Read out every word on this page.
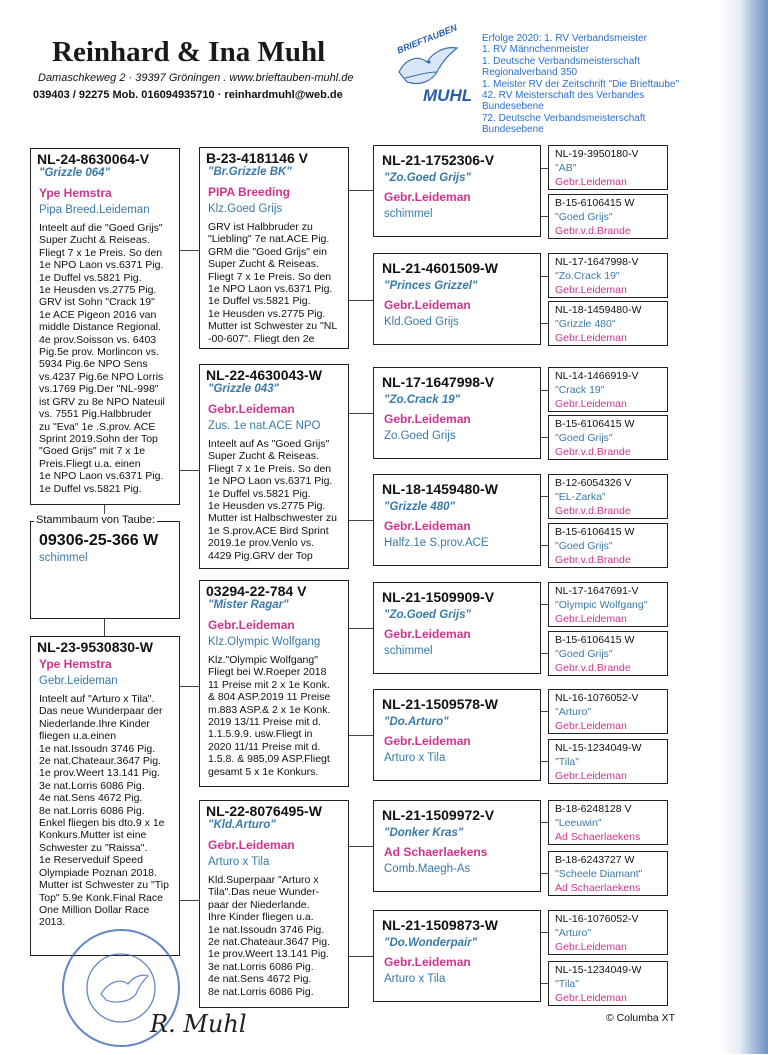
Reinhard & Ina Muhl
Damaschkeweg 2 · 39397 Gröningen . www.brieftauben-muhl.de
039403 / 92275 Mob. 016094935710 · reinhardmuhl@web.de
BRIEFTAUBEN
MUHL
Erfolge 2020: 1. RV Verbandsmeister
1. RV Männchenmeister
1. Deutsche Verbandsmeisterschaft
Regionalverband 350
1. Meister RV der Zeitschrift "Die Brieftaube"
42. RV Meisterschaft des Verbandes
Bundesebene
72. Deutsche Verbandsmeisterschaft
Bundesebene
NL-24-8630064-V
"Grizzle 064"
Ype Hemstra
Pipa Breed.Leideman
Inteelt auf die "Goed Grijs"
Super Zucht & Reiseas.
Fliegt 7 x 1e Preis. So den
1e NPO Laon vs.6371 Pig.
1e Duffel vs.5821 Pig.
1e Heusden vs.2775 Pig.
GRV ist Sohn "Crack 19"
1e ACE Pigeon 2016 van
middle Distance Regional.
4e prov.Soisson vs. 6403
Pig.5e prov. Morlincon vs.
5934 Pig.6e NPO Sens
vs.4237 Pig.6e NPO Lorris
vs.1769 Pig.Der "NL-998"
ist GRV zu 8e NPO Nateuil
vs. 7551 Pig.Halbbruder
zu "Eva" 1e .S.prov. ACE
Sprint 2019.Sohn der Top
"Goed Grijs" mit 7 x 1e
Preis.Fliegt u.a. einen
1e NPO Laon vs.6371 Pig.
1e Duffel vs.5821 Pig.
09306-25-366 W
schimmel
Stammbaum von Taube:
NL-23-9530830-W
Ype Hemstra
Gebr.Leideman
Inteelt auf "Arturo x Tila".
Das neue Wunderpaar der
Niederlande.Ihre Kinder
fliegen u.a.einen
1e nat.Issoudn 3746 Pig.
2e nat.Chateaur.3647 Pig.
1e prov.Weert 13.141 Pig.
3e nat.Lorris 6086 Pig.
4e nat.Sens 4672 Pig.
8e nat.Lorris 6086 Pig.
Enkel fliegen bis dto.9 x 1e
Konkurs.Mutter ist eine
Schwester zu "Raissa".
1e Reserveduif Speed
Olympiade Poznan 2018.
Mutter ist Schwester zu "Tip
Top" 5.9e Konk.Final Race
One Million Dollar Race
2013.
B-23-4181146 V
"Br.Grizzle BK"
PIPA Breeding
Klz.Goed Grijs
GRV ist Halbbruder zu
"Liebling" 7e nat.ACE Pig.
GRM die "Goed Grijs" ein
Super Zucht & Reiseas.
Fliegt 7 x 1e Preis. So den
1e NPO Laon vs.6371 Pig.
1e Duffel vs.5821 Pig.
1e Heusden vs.2775 Pig.
Mutter ist Schwester zu "NL
-00-607". Fliegt den 2e
NL-22-4630043-W
"Grizzle 043"
Gebr.Leideman
Zus. 1e nat.ACE NPO
Inteelt auf As "Goed Grijs"
Super Zucht & Reiseas.
Fliegt 7 x 1e Preis. So den
1e NPO Laon vs.6371 Pig.
1e Duffel vs.5821 Pig.
1e Heusden vs.2775 Pig.
Mutter ist Halbschwester zu
1e S.prov.ACE Bird Sprint
2019.1e prov.Venlo vs.
4429 Pig.GRV der Top
03294-22-784 V
"Mister Ragar"
Gebr.Leideman
Klz.Olympic Wolfgang
Klz."Olympic Wolfgang"
Fliegt bei W.Roeper 2018
11 Preise mit 2 x 1e Konk.
& 804 ASP.2019 11 Preise
m.883 ASP.& 2 x 1e Konk.
2019 13/11 Preise mit d.
1.1.5.9.9. usw.Fliegt in
2020 11/11 Preise mit d.
1.5.8. & 985,09 ASP.Fliegt
gesamt 5 x 1e Konkurs.
NL-22-8076495-W
"Kld.Arturo"
Gebr.Leideman
Arturo x Tila
Kld.Superpaar "Arturo x
Tila".Das neue Wunder-
paar der Niederlande.
Ihre Kinder fliegen u.a.
1e nat.Issoudn 3746 Pig.
2e nat.Chateaur.3647 Pig.
1e prov.Weert 13.141 Pig.
3e nat.Lorris 6086 Pig.
4e nat.Sens 4672 Pig.
8e nat.Lorris 6086 Pig.
NL-21-1752306-V
"Zo.Goed Grijs"
Gebr.Leideman
schimmel
NL-21-4601509-W
"Princes Grizzel"
Gebr.Leideman
Kld.Goed Grijs
NL-17-1647998-V
"Zo.Crack 19"
Gebr.Leideman
Zo.Goed Grijs
NL-18-1459480-W
"Grizzle 480"
Gebr.Leideman
Halfz.1e S.prov.ACE
NL-21-1509909-V
"Zo.Goed Grijs"
Gebr.Leideman
schimmel
NL-21-1509578-W
"Do.Arturo"
Gebr.Leideman
Arturo x Tila
NL-21-1509972-V
"Donker Kras"
Ad Schaerlaekens
Comb.Maegh-As
NL-21-1509873-W
"Do.Wonderpair"
Gebr.Leideman
Arturo x Tila
NL-19-3950180-V
"AB"
Gebr.Leideman
B-15-6106415 W
"Goed Grijs"
Gebr.v.d.Brande
NL-17-1647998-V
"Zo.Crack 19"
Gebr.Leideman
NL-18-1459480-W
"Grizzle 480"
Gebr.Leideman
NL-14-1466919-V
"Crack 19"
Gebr.Leideman
B-15-6106415 W
"Goed Grijs"
Gebr.v.d.Brande
B-12-6054326 V
"EL-Zarka"
Gebr.v.d.Brande
B-15-6106415 W
"Goed Grijs"
Gebr.v.d.Brande
NL-17-1647691-V
"Olympic Wolfgang"
Gebr.Leideman
B-15-6106415 W
"Goed Grijs"
Gebr.v.d.Brande
NL-16-1076052-V
"Arturo"
Gebr.Leideman
NL-15-1234049-W
"Tila"
Gebr.Leideman
B-18-6248128 V
"Leeuwin"
Ad Schaerlaekens
B-18-6243727 W
"Scheele Diamant"
Ad Schaerlaekens
NL-16-1076052-V
"Arturo"
Gebr.Leideman
NL-15-1234049-W
"Tila"
Gebr.Leideman
R. Muhl	© Columba XT
